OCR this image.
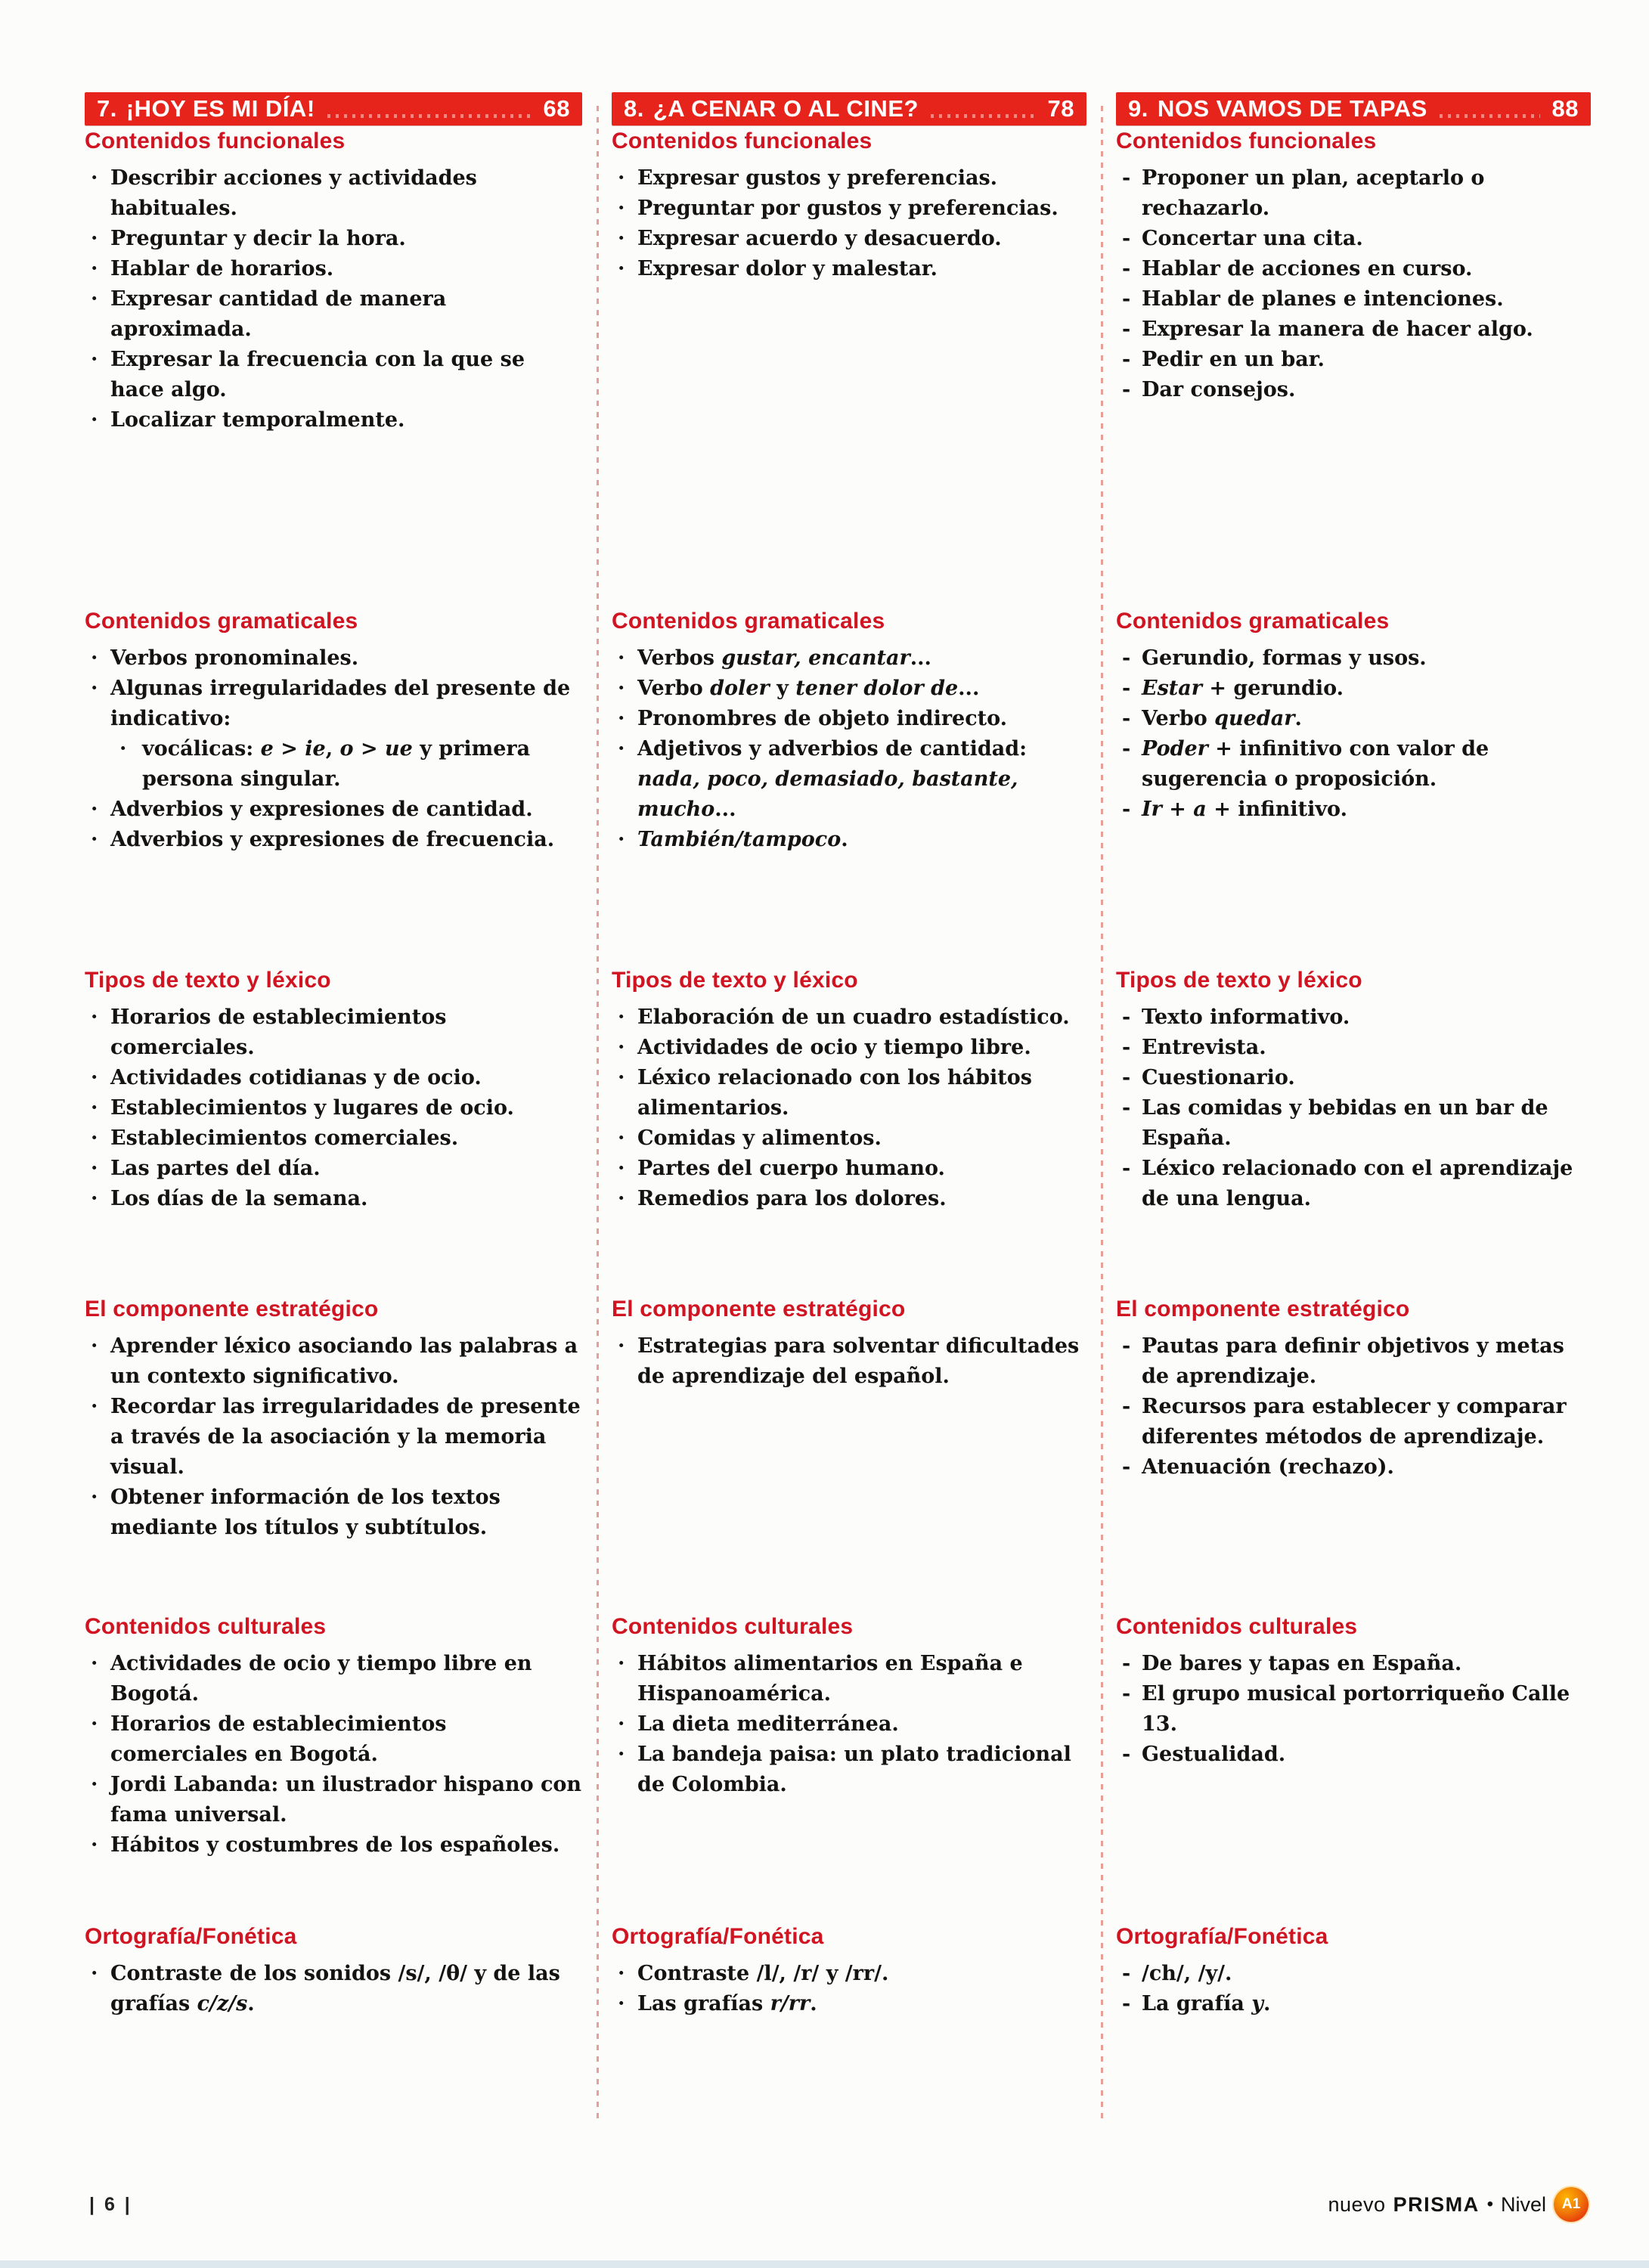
7. ¡HOY ES MI DÍA!	68 8. ¿A CENAR O AL CINE?	78 9. NOS VAMOS DE TAPAS	88
Contenidos funcionales
· Describir acciones y actividades habituales.
· Preguntar y decir la hora.
· Hablar de horarios.
· Expresar cantidad de manera aproximada.
· Expresar la frecuencia con la que se hace algo.
· Localizar temporalmente.
Contenidos funcionales
· Expresar gustos y preferencias.
· Preguntar por gustos y preferencias.
· Expresar acuerdo y desacuerdo.
· Expresar dolor y malestar.
Contenidos funcionales
- Proponer un plan, aceptarlo o rechazarlo.
- Concertar una cita.
- Hablar de acciones en curso.
- Hablar de planes e intenciones.
- Expresar la manera de hacer algo.
- Pedir en un bar.
- Dar consejos.
Contenidos gramaticales
· Verbos pronominales.
· Algunas irregularidades del presente de indicativo:
· vocálicas: e > ie, o > ue y primera persona singular.
· Adverbios y expresiones de cantidad.
· Adverbios y expresiones de frecuencia.
Contenidos gramaticales
· Verbos gustar, encantar...
· Verbo doler y tener dolor de...
· Pronombres de objeto indirecto.
· Adjetivos y adverbios de cantidad: nada, poco, demasiado, bastante, mucho...
· También/tampoco.
Contenidos gramaticales
- Gerundio, formas y usos.
- Estar + gerundio.
- Verbo quedar.
- Poder + infinitivo con valor de sugerencia o proposición.
- Ir + a + infinitivo.
Tipos de texto y léxico
· Horarios de establecimientos comerciales.
· Actividades cotidianas y de ocio.
· Establecimientos y lugares de ocio.
· Establecimientos comerciales.
· Las partes del día.
· Los días de la semana.
Tipos de texto y léxico
· Elaboración de un cuadro estadístico.
· Actividades de ocio y tiempo libre.
· Léxico relacionado con los hábitos alimentarios.
· Comidas y alimentos.
· Partes del cuerpo humano.
· Remedios para los dolores.
Tipos de texto y léxico
- Texto informativo.
- Entrevista.
- Cuestionario.
- Las comidas y bebidas en un bar de España.
- Léxico relacionado con el aprendizaje de una lengua.
El componente estratégico
· Aprender léxico asociando las palabras a un contexto significativo.
· Recordar las irregularidades de presente a través de la asociación y la memoria visual.
· Obtener información de los textos mediante los títulos y subtítulos.
El componente estratégico
· Estrategias para solventar dificultades de aprendizaje del español.
El componente estratégico
- Pautas para definir objetivos y metas de aprendizaje.
- Recursos para establecer y comparar diferentes métodos de aprendizaje.
- Atenuación (rechazo).
Contenidos culturales
· Actividades de ocio y tiempo libre en Bogotá.
· Horarios de establecimientos comerciales en Bogotá.
· Jordi Labanda: un ilustrador hispano con fama universal.
· Hábitos y costumbres de los españoles.
Contenidos culturales
· Hábitos alimentarios en España e Hispanoamérica.
· La dieta mediterránea.
· La bandeja paisa: un plato tradicional de Colombia.
Contenidos culturales
- De bares y tapas en España.
- El grupo musical portorriqueño Calle 13.
- Gestualidad.
Ortografía/Fonética
· Contraste de los sonidos /s/, /θ/ y de las grafías c/z/s.
Ortografía/Fonética
· Contraste /l/, /r/ y /rr/.
· Las grafías r/rr.
Ortografía/Fonética
- /ch/, /y/.
- La grafía y.
| 6 |	nuevo PRISMA • Nivel	A1
